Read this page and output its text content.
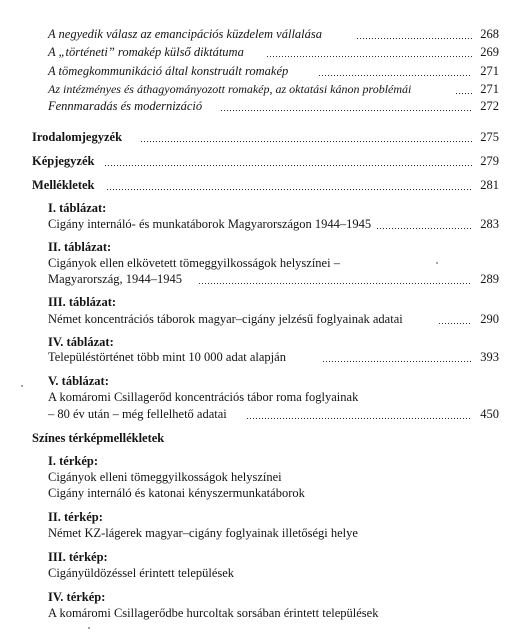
A negyedik válasz az emancipációs küzdelem vállalása	268
A „történeti” romakép külső diktátuma	269
A tömegkommunikáció által konstruált romakép	271
Az intézményes és áthagyományozott romakép, az oktatási kánon problémái	271
Fennmaradás és modernizáció	272
Irodalomjegyzék	275
Képjegyzék	279
Mellékletek	281
I. táblázat:
Cigány internáló- és munkatáborok Magyarországon 1944–1945	283
II. táblázat:
Cigányok ellen elkövetett tömeggyilkosságok helyszínei –
Magyarország, 1944–1945	289
III. táblázat:
Német koncentrációs táborok magyar–cigány jelzésű foglyainak adatai	290
IV. táblázat:
Településtörténet több mint 10 000 adat alapján	393
V. táblázat:
A komáromi Csillagerőd koncentrációs tábor roma foglyainak
– 80 év után – még fellelhető adatai	450
Színes térképmellékletek
I. térkép:
Cigányok elleni tömeggyilkosságok helyszínei
Cigány internáló és katonai kényszermunkatáborok
II. térkép:
Német KZ-lágerek magyar–cigány foglyainak illetőségi helye
III. térkép:
Cigányüldözéssel érintett települések
IV. térkép:
A komáromi Csillagerődbe hurcoltak sorsában érintett települések
